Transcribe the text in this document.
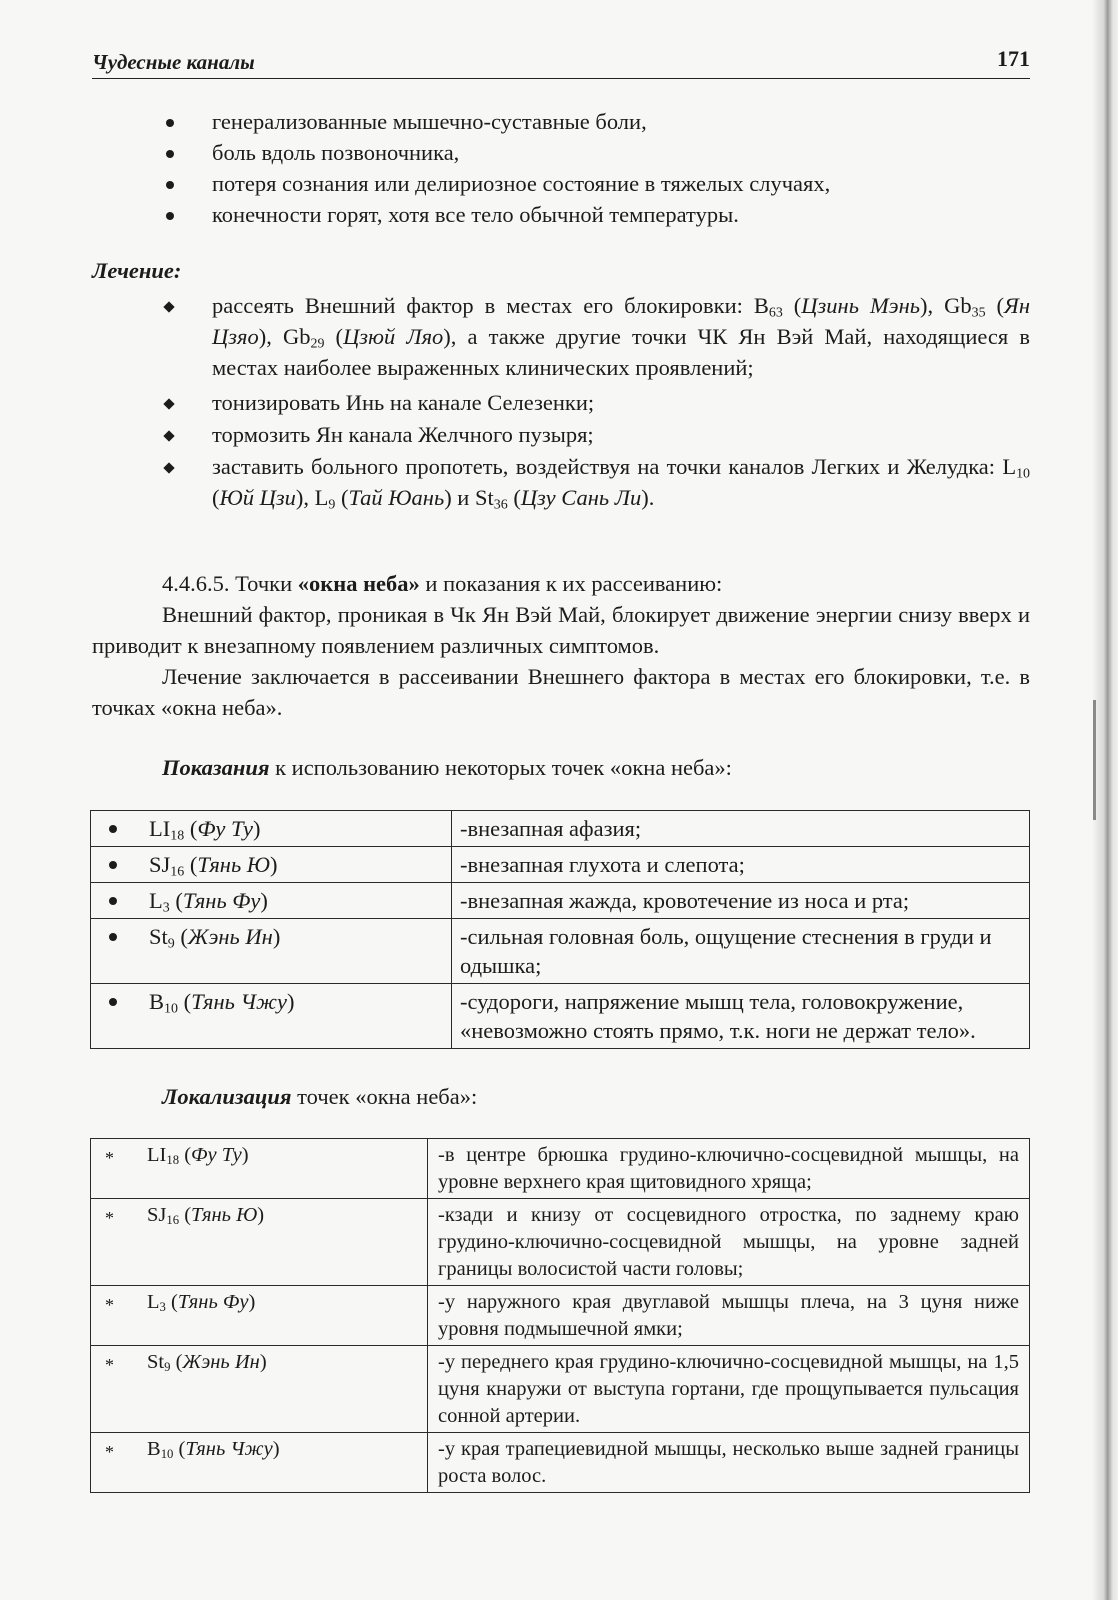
Чудесные каналы	171
генерализованные мышечно-суставные боли,
боль вдоль позвоночника,
потеря сознания или делириозное состояние в тяжелых случаях,
конечности горят, хотя все тело обычной температуры.
Лечение:
рассеять Внешний фактор в местах его блокировки: $B_{63}$ (Цзинь Мэнь), $Gb_{35}$ (Ян Цзяо), $Gb_{29}$ (Цзюй Ляо), а также другие точки ЧК Ян Вэй Май, находящиеся в местах наиболее выраженных клинических проявлений;
тонизировать Инь на канале Селезенки;
тормозить Ян канала Желчного пузыря;
заставить больного пропотеть, воздействуя на точки каналов Легких и Желудка: $L_{10}$ (Юй Цзи), $L_9$ (Тай Юань) и $St_{36}$ (Цзу Сань Ли).
4.4.6.5. Точки «окна неба» и показания к их рассеиванию:
Внешний фактор, проникая в Чк Ян Вэй Май, блокирует движение энергии снизу вверх и приводит к внезапному появлением различных симптомов.
Лечение заключается в рассеивании Внешнего фактора в местах его блокировки, т.е. в точках «окна неба».
Показания к использованию некоторых точек «окна неба»:
$LI_{18}$ (Фу Ту)	-внезапная афазия;

$SJ_{16}$ (Тянь Ю)	-внезапная глухота и слепота;

$L_3$ (Тянь Фу)	-внезапная жажда, кровотечение из носа и рта;

$St_9$ (Жэнь Ин)	-сильная головная боль, ощущение стеснения в груди и одышка;

$B_{10}$ (Тянь Чжу)	-судороги, напряжение мышц тела, головокружение, «невозможно стоять прямо, т.к. ноги не держат тело».
Локализация точек «окна неба»:
* $LI_{18}$ (Фу Ту)	-в центре брюшка грудино-ключично-сосцевидной мышцы, на уровне верхнего края щитовидного хряща;

* $SJ_{16}$ (Тянь Ю)	-кзади и книзу от сосцевидного отростка, по заднему краю грудино-ключично-сосцевидной мышцы, на уровне задней границы волосистой части головы;

* $L_3$ (Тянь Фу)	-у наружного края двуглавой мышцы плеча, на 3 цуня ниже уровня подмышечной ямки;

* $St_9$ (Жэнь Ин)	-у переднего края грудино-ключично-сосцевидной мышцы, на 1,5 цуня кнаружи от выступа гортани, где прощупывается пульсация сонной артерии.

* $B_{10}$ (Тянь Чжу)	-у края трапециевидной мышцы, несколько выше задней границы роста волос.
